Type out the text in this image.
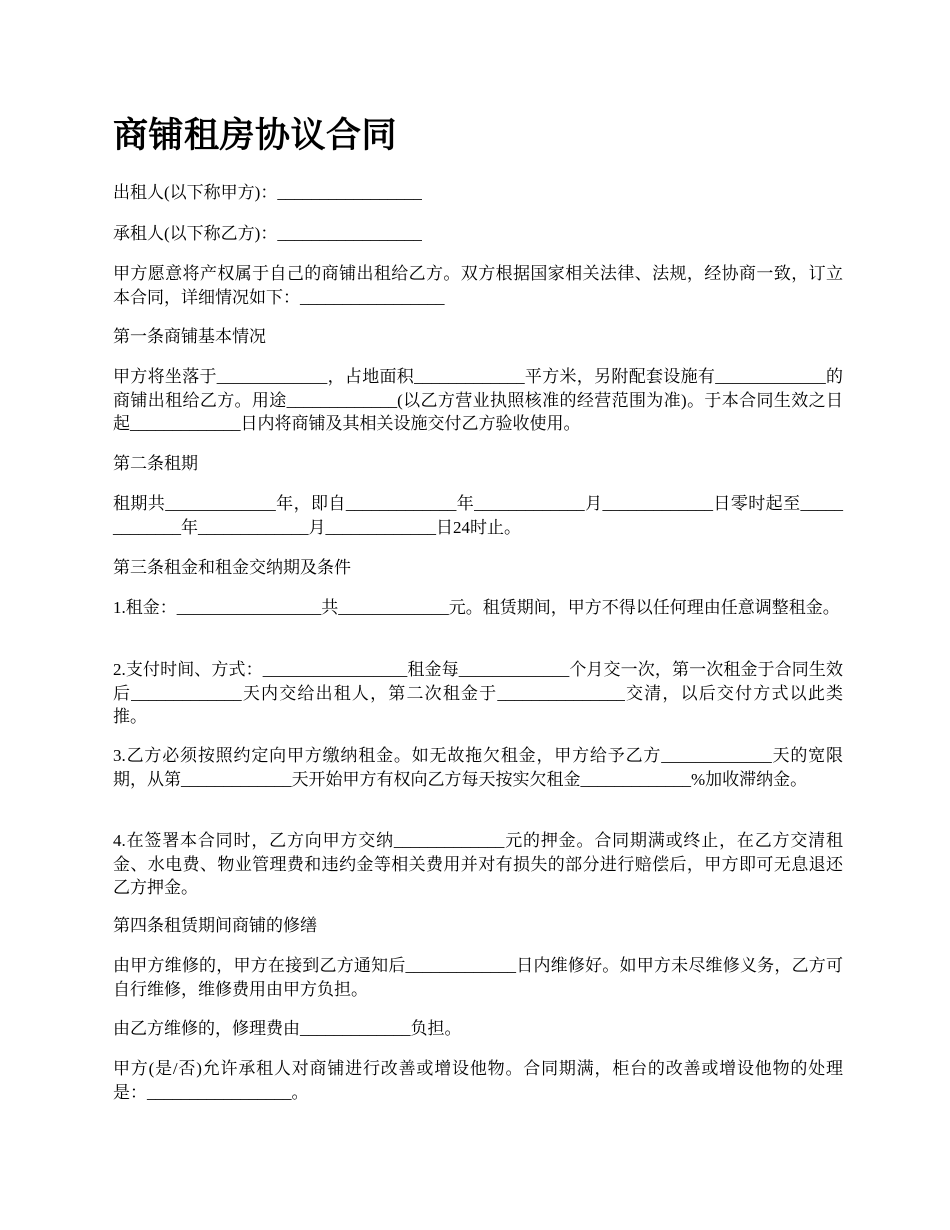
商铺租房协议合同

出租人(以下称甲方)：_________________

承租人(以下称乙方)：_________________

甲方愿意将产权属于自己的商铺出租给乙方。双方根据国家相关法律、法规，经协商一致，订立本合同，详细情况如下：_________________

第一条商铺基本情况

甲方将坐落于_____________，占地面积_____________平方米，另附配套设施有_____________的商铺出租给乙方。用途_____________(以乙方营业执照核准的经营范围为准)。于本合同生效之日起_____________日内将商铺及其相关设施交付乙方验收使用。

第二条租期

租期共_____________年，即自_____________年_____________月_____________日零时起至_____________年_____________月_____________日24时止。

第三条租金和租金交纳期及条件

1.租金：_________________共_____________元。租赁期间，甲方不得以任何理由任意调整租金。

2.支付时间、方式：_________________租金每_____________个月交一次，第一次租金于合同生效后_____________天内交给出租人，第二次租金于_______________交清，以后交付方式以此类推。

3.乙方必须按照约定向甲方缴纳租金。如无故拖欠租金，甲方给予乙方_____________天的宽限期，从第_____________天开始甲方有权向乙方每天按实欠租金_____________%加收滞纳金。

4.在签署本合同时，乙方向甲方交纳_____________元的押金。合同期满或终止，在乙方交清租金、水电费、物业管理费和违约金等相关费用并对有损失的部分进行赔偿后，甲方即可无息退还乙方押金。

第四条租赁期间商铺的修缮

由甲方维修的，甲方在接到乙方通知后_____________日内维修好。如甲方未尽维修义务，乙方可自行维修，维修费用由甲方负担。

由乙方维修的，修理费由_____________负担。

甲方(是/否)允许承租人对商铺进行改善或增设他物。合同期满，柜台的改善或增设他物的处理是：_________________。
